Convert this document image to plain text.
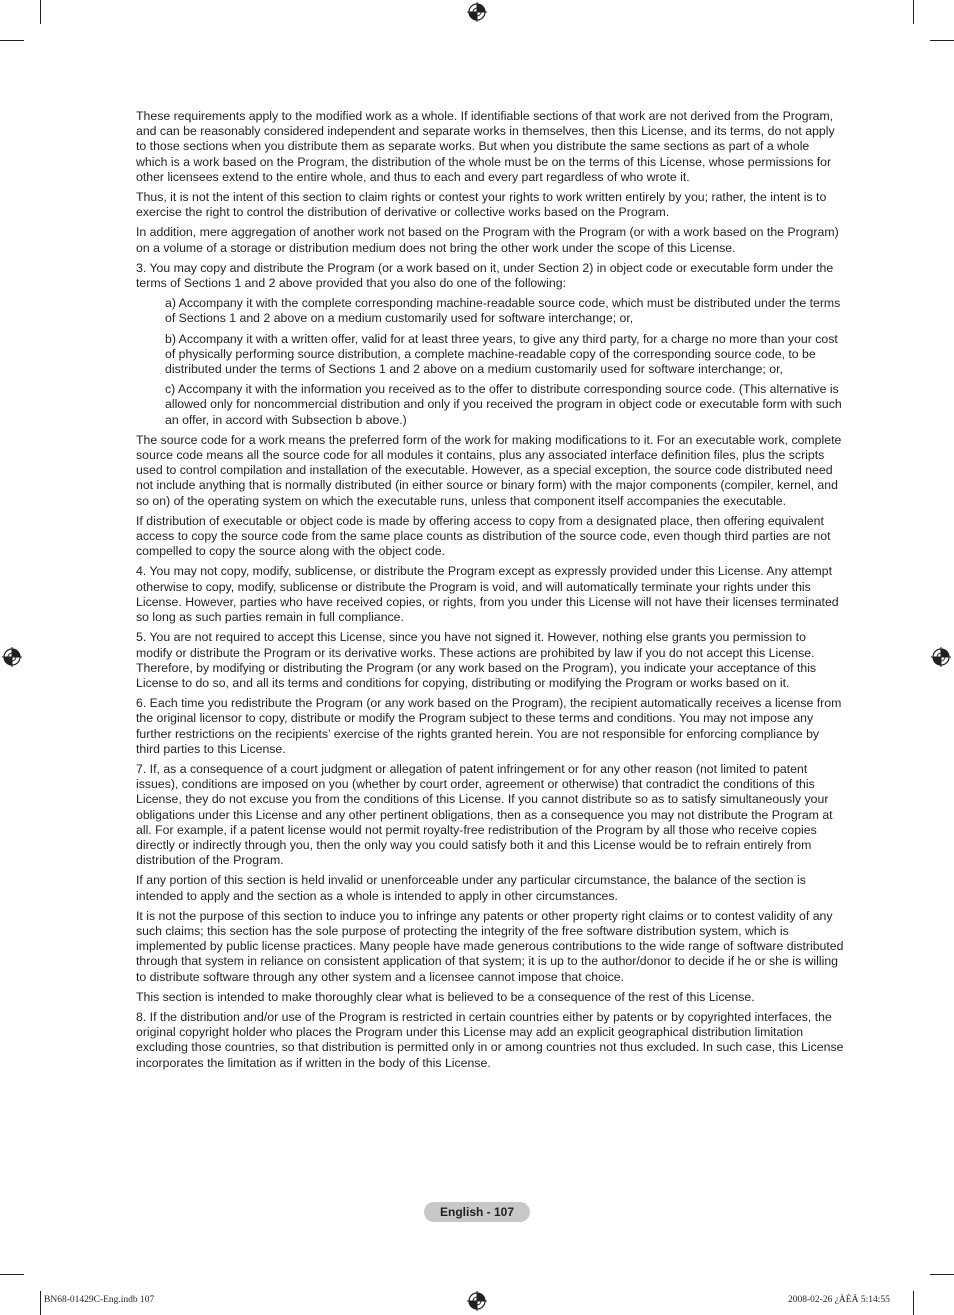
These requirements apply to the modified work as a whole. If identifiable sections of that work are not derived from the Program, and can be reasonably considered independent and separate works in themselves, then this License, and its terms, do not apply to those sections when you distribute them as separate works. But when you distribute the same sections as part of a whole which is a work based on the Program, the distribution of the whole must be on the terms of this License, whose permissions for other licensees extend to the entire whole, and thus to each and every part regardless of who wrote it.

Thus, it is not the intent of this section to claim rights or contest your rights to work written entirely by you; rather, the intent is to exercise the right to control the distribution of derivative or collective works based on the Program.

In addition, mere aggregation of another work not based on the Program with the Program (or with a work based on the Program) on a volume of a storage or distribution medium does not bring the other work under the scope of this License.

3. You may copy and distribute the Program (or a work based on it, under Section 2) in object code or executable form under the terms of Sections 1 and 2 above provided that you also do one of the following:

a) Accompany it with the complete corresponding machine-readable source code, which must be distributed under the terms of Sections 1 and 2 above on a medium customarily used for software interchange; or,

b) Accompany it with a written offer, valid for at least three years, to give any third party, for a charge no more than your cost of physically performing source distribution, a complete machine-readable copy of the corresponding source code, to be distributed under the terms of Sections 1 and 2 above on a medium customarily used for software interchange; or,

c) Accompany it with the information you received as to the offer to distribute corresponding source code. (This alternative is allowed only for noncommercial distribution and only if you received the program in object code or executable form with such an offer, in accord with Subsection b above.)

The source code for a work means the preferred form of the work for making modifications to it. For an executable work, complete source code means all the source code for all modules it contains, plus any associated interface definition files, plus the scripts used to control compilation and installation of the executable. However, as a special exception, the source code distributed need not include anything that is normally distributed (in either source or binary form) with the major components (compiler, kernel, and so on) of the operating system on which the executable runs, unless that component itself accompanies the executable.

If distribution of executable or object code is made by offering access to copy from a designated place, then offering equivalent access to copy the source code from the same place counts as distribution of the source code, even though third parties are not compelled to copy the source along with the object code.

4. You may not copy, modify, sublicense, or distribute the Program except as expressly provided under this License. Any attempt otherwise to copy, modify, sublicense or distribute the Program is void, and will automatically terminate your rights under this License. However, parties who have received copies, or rights, from you under this License will not have their licenses terminated so long as such parties remain in full compliance.

5. You are not required to accept this License, since you have not signed it. However, nothing else grants you permission to modify or distribute the Program or its derivative works. These actions are prohibited by law if you do not accept this License. Therefore, by modifying or distributing the Program (or any work based on the Program), you indicate your acceptance of this License to do so, and all its terms and conditions for copying, distributing or modifying the Program or works based on it.

6. Each time you redistribute the Program (or any work based on the Program), the recipient automatically receives a license from the original licensor to copy, distribute or modify the Program subject to these terms and conditions. You may not impose any further restrictions on the recipients’ exercise of the rights granted herein. You are not responsible for enforcing compliance by third parties to this License.

7. If, as a consequence of a court judgment or allegation of patent infringement or for any other reason (not limited to patent issues), conditions are imposed on you (whether by court order, agreement or otherwise) that contradict the conditions of this License, they do not excuse you from the conditions of this License. If you cannot distribute so as to satisfy simultaneously your obligations under this License and any other pertinent obligations, then as a consequence you may not distribute the Program at all. For example, if a patent license would not permit royalty-free redistribution of the Program by all those who receive copies directly or indirectly through you, then the only way you could satisfy both it and this License would be to refrain entirely from distribution of the Program.

If any portion of this section is held invalid or unenforceable under any particular circumstance, the balance of the section is intended to apply and the section as a whole is intended to apply in other circumstances.

It is not the purpose of this section to induce you to infringe any patents or other property right claims or to contest validity of any such claims; this section has the sole purpose of protecting the integrity of the free software distribution system, which is implemented by public license practices. Many people have made generous contributions to the wide range of software distributed through that system in reliance on consistent application of that system; it is up to the author/donor to decide if he or she is willing to distribute software through any other system and a licensee cannot impose that choice.

This section is intended to make thoroughly clear what is believed to be a consequence of the rest of this License.

8. If the distribution and/or use of the Program is restricted in certain countries either by patents or by copyrighted interfaces, the original copyright holder who places the Program under this License may add an explicit geographical distribution limitation excluding those countries, so that distribution is permitted only in or among countries not thus excluded. In such case, this License incorporates the limitation as if written in the body of this License.

English - 107
BN68-01429C-Eng.indb 107	2008-02-26 ¿ÀÈÄ 5:14:55
